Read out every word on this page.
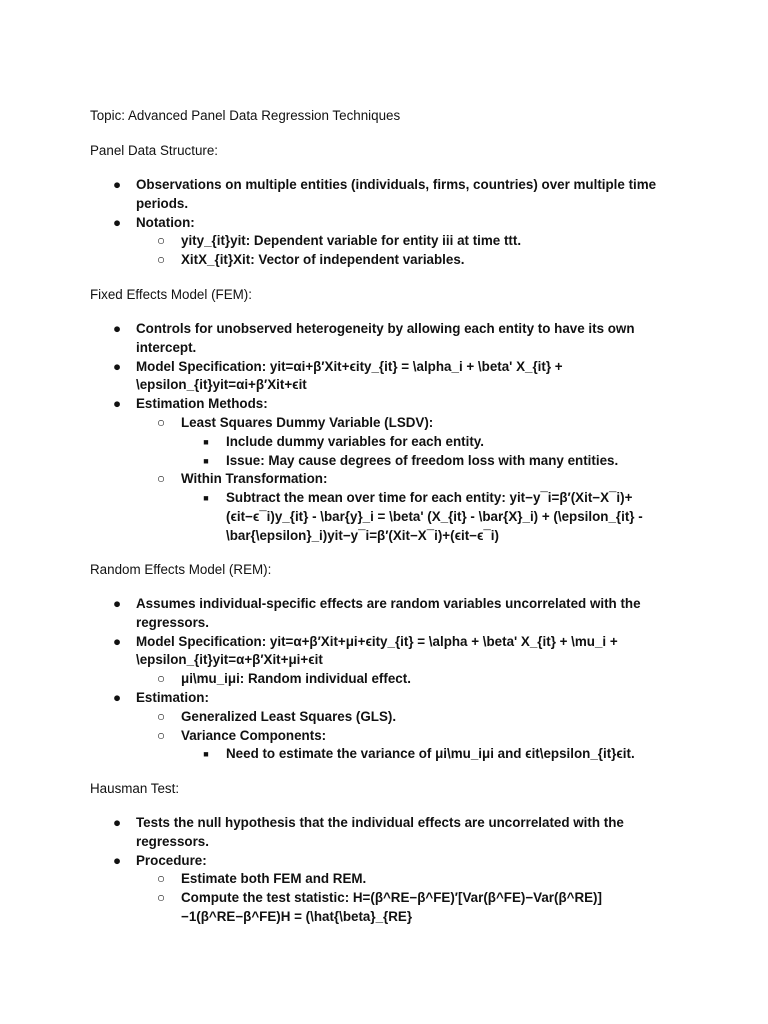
Topic: Advanced Panel Data Regression Techniques

Panel Data Structure:

● Observations on multiple entities (individuals, firms, countries) over multiple time periods.
● Notation:
○ yity_{it}yit: Dependent variable for entity iii at time ttt.
○ XitX_{it}Xit: Vector of independent variables.

Fixed Effects Model (FEM):

● Controls for unobserved heterogeneity by allowing each entity to have its own intercept.
● Model Specification: yit=αi+β′Xit+ϵity_{it} = \alpha_i + \beta' X_{it} + \epsilon_{it}yit=αi+β′Xit+ϵit
● Estimation Methods:
○ Least Squares Dummy Variable (LSDV):
■	Include dummy variables for each entity.
■	Issue: May cause degrees of freedom loss with many entities.
○ Within Transformation:
■	Subtract the mean over time for each entity: yit−y¯i=β′(Xit−X¯i)+(ϵit−ϵ¯i)y_{it} - \bar{y}_i = \beta' (X_{it} - \bar{X}_i) + (\epsilon_{it} - \bar{\epsilon}_i)yit−y¯i=β′(Xit−X¯i)+(ϵit−ϵ¯i)

Random Effects Model (REM):

● Assumes individual-specific effects are random variables uncorrelated with the regressors.
● Model Specification: yit=α+β′Xit+μi+ϵity_{it} = \alpha + \beta' X_{it} + \mu_i + \epsilon_{it}yit=α+β′Xit+μi+ϵit
○ μi\mu_iμi: Random individual effect.
● Estimation:
○ Generalized Least Squares (GLS).
○ Variance Components:
■	Need to estimate the variance of μi\mu_iμi and ϵit\epsilon_{it}ϵit.

Hausman Test:

● Tests the null hypothesis that the individual effects are uncorrelated with the regressors.
● Procedure:
○ Estimate both FEM and REM.
○ Compute the test statistic: H=(β^RE−β^FE)′[Var(β^FE)−Var(β^RE)]−1(β^RE−β^FE)H = (\hat{\beta}_{RE}
